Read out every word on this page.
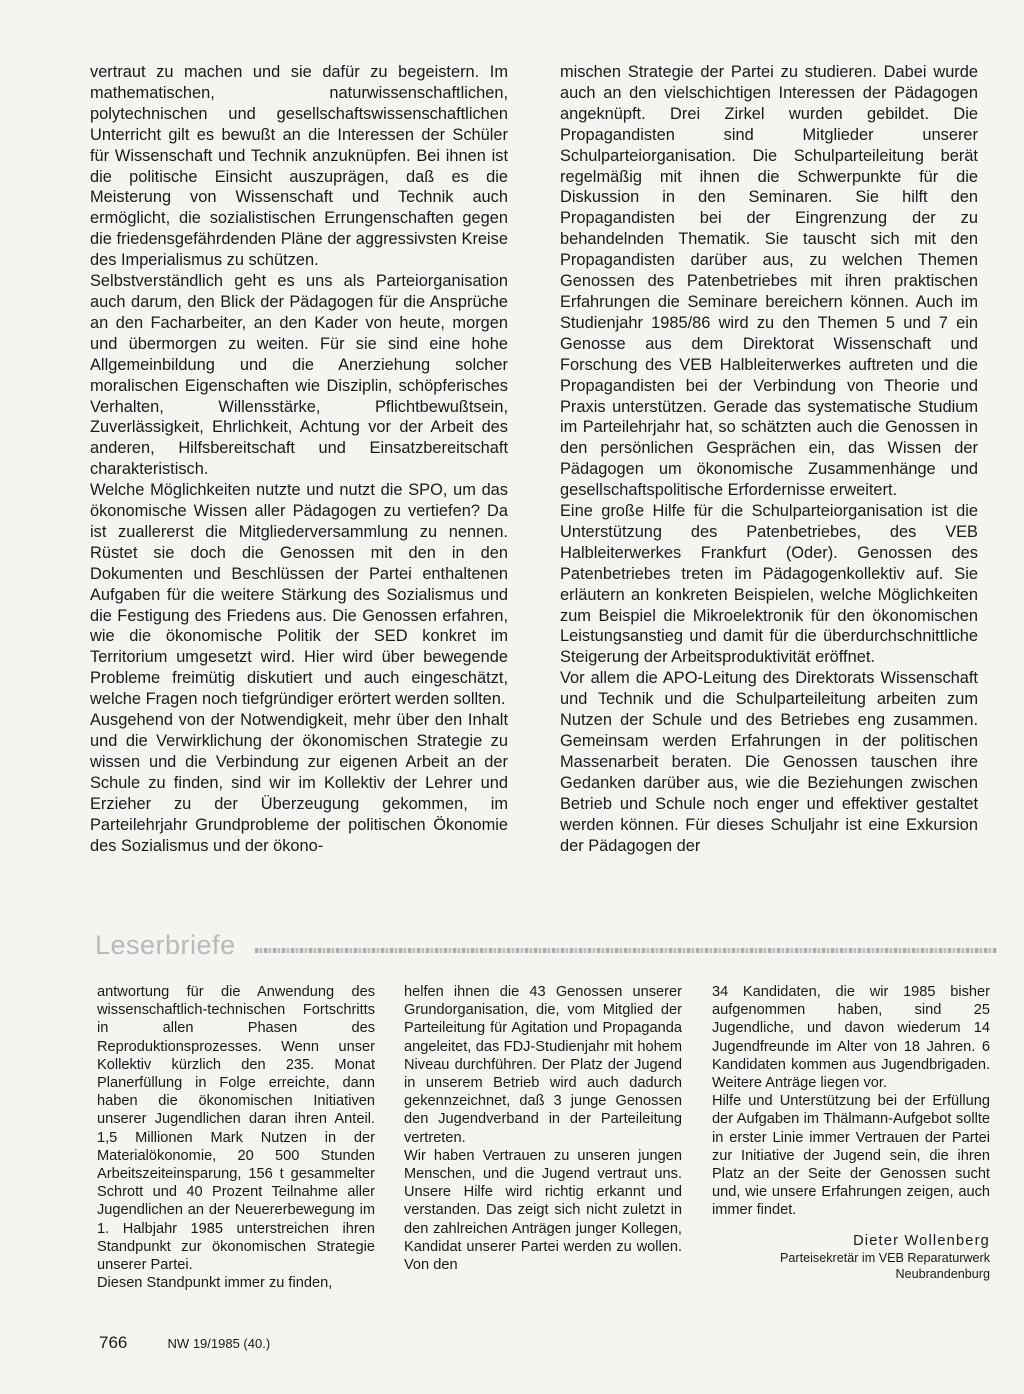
vertraut zu machen und sie dafür zu begeistern. Im mathematischen, naturwissenschaftlichen, polytechnischen und gesellschaftswissenschaftlichen Unterricht gilt es bewußt an die Interessen der Schüler für Wissenschaft und Technik anzuknüpfen. Bei ihnen ist die politische Einsicht auszuprägen, daß es die Meisterung von Wissenschaft und Technik auch ermöglicht, die sozialistischen Errungenschaften gegen die friedensgefährdenden Pläne der aggressivsten Kreise des Imperialismus zu schützen.

Selbstverständlich geht es uns als Parteiorganisation auch darum, den Blick der Pädagogen für die Ansprüche an den Facharbeiter, an den Kader von heute, morgen und übermorgen zu weiten. Für sie sind eine hohe Allgemeinbildung und die Anerziehung solcher moralischen Eigenschaften wie Disziplin, schöpferisches Verhalten, Willensstärke, Pflichtbewußtsein, Zuverlässigkeit, Ehrlichkeit, Achtung vor der Arbeit des anderen, Hilfsbereitschaft und Einsatzbereitschaft charakteristisch.

Welche Möglichkeiten nutzte und nutzt die SPO, um das ökonomische Wissen aller Pädagogen zu vertiefen? Da ist zuallererst die Mitgliederversammlung zu nennen. Rüstet sie doch die Genossen mit den in den Dokumenten und Beschlüssen der Partei enthaltenen Aufgaben für die weitere Stärkung des Sozialismus und die Festigung des Friedens aus. Die Genossen erfahren, wie die ökonomische Politik der SED konkret im Territorium umgesetzt wird. Hier wird über bewegende Probleme freimütig diskutiert und auch eingeschätzt, welche Fragen noch tiefgründiger erörtert werden sollten.

Ausgehend von der Notwendigkeit, mehr über den Inhalt und die Verwirklichung der ökonomischen Strategie zu wissen und die Verbindung zur eigenen Arbeit an der Schule zu finden, sind wir im Kollektiv der Lehrer und Erzieher zu der Überzeugung gekommen, im Parteilehrjahr Grundprobleme der politischen Ökonomie des Sozialismus und der ökono-

mischen Strategie der Partei zu studieren. Dabei wurde auch an den vielschichtigen Interessen der Pädagogen angeknüpft. Drei Zirkel wurden gebildet. Die Propagandisten sind Mitglieder unserer Schulparteiorganisation. Die Schulparteileitung berät regelmäßig mit ihnen die Schwerpunkte für die Diskussion in den Seminaren. Sie hilft den Propagandisten bei der Eingrenzung der zu behandelnden Thematik. Sie tauscht sich mit den Propagandisten darüber aus, zu welchen Themen Genossen des Patenbetriebes mit ihren praktischen Erfahrungen die Seminare bereichern können. Auch im Studienjahr 1985/86 wird zu den Themen 5 und 7 ein Genosse aus dem Direktorat Wissenschaft und Forschung des VEB Halbleiterwerkes auftreten und die Propagandisten bei der Verbindung von Theorie und Praxis unterstützen. Gerade das systematische Studium im Parteilehrjahr hat, so schätzten auch die Genossen in den persönlichen Gesprächen ein, das Wissen der Pädagogen um ökonomische Zusammenhänge und gesellschaftspolitische Erfordernisse erweitert.

Eine große Hilfe für die Schulparteiorganisation ist die Unterstützung des Patenbetriebes, des VEB Halbleiterwerkes Frankfurt (Oder). Genossen des Patenbetriebes treten im Pädagogenkollektiv auf. Sie erläutern an konkreten Beispielen, welche Möglichkeiten zum Beispiel die Mikroelektronik für den ökonomischen Leistungsanstieg und damit für die überdurchschnittliche Steigerung der Arbeitsproduktivität eröffnet.

Vor allem die APO-Leitung des Direktorats Wissenschaft und Technik und die Schulparteileitung arbeiten zum Nutzen der Schule und des Betriebes eng zusammen. Gemeinsam werden Erfahrungen in der politischen Massenarbeit beraten. Die Genossen tauschen ihre Gedanken darüber aus, wie die Beziehungen zwischen Betrieb und Schule noch enger und effektiver gestaltet werden können. Für dieses Schuljahr ist eine Exkursion der Pädagogen der

Leserbriefe

antwortung für die Anwendung des wissenschaftlich-technischen Fortschritts in allen Phasen des Reproduktionsprozesses. Wenn unser Kollektiv kürzlich den 235. Monat Planerfüllung in Folge erreichte, dann haben die ökonomischen Initiativen unserer Jugendlichen daran ihren Anteil. 1,5 Millionen Mark Nutzen in der Materialökonomie, 20 500 Stunden Arbeitszeiteinsparung, 156 t gesammelter Schrott und 40 Prozent Teilnahme aller Jugendlichen an der Neuererbewegung im 1. Halbjahr 1985 unterstreichen ihren Standpunkt zur ökonomischen Strategie unserer Partei.

Diesen Standpunkt immer zu finden,

helfen ihnen die 43 Genossen unserer Grundorganisation, die, vom Mitglied der Parteileitung für Agitation und Propaganda angeleitet, das FDJ-Studienjahr mit hohem Niveau durchführen. Der Platz der Jugend in unserem Betrieb wird auch dadurch gekennzeichnet, daß 3 junge Genossen den Jugendverband in der Parteileitung vertreten.

Wir haben Vertrauen zu unseren jungen Menschen, und die Jugend vertraut uns. Unsere Hilfe wird richtig erkannt und verstanden. Das zeigt sich nicht zuletzt in den zahlreichen Anträgen junger Kollegen, Kandidat unserer Partei werden zu wollen. Von den

34 Kandidaten, die wir 1985 bisher aufgenommen haben, sind 25 Jugendliche, und davon wiederum 14 Jugendfreunde im Alter von 18 Jahren. 6 Kandidaten kommen aus Jugendbrigaden. Weitere Anträge liegen vor.

Hilfe und Unterstützung bei der Erfüllung der Aufgaben im Thälmann-Aufgebot sollte in erster Linie immer Vertrauen der Partei zur Initiative der Jugend sein, die ihren Platz an der Seite der Genossen sucht und, wie unsere Erfahrungen zeigen, auch immer findet.

Dieter Wollenberg
Parteisekretär im VEB Reparaturwerk
Neubrandenburg
766	NW 19/1985 (40.)
